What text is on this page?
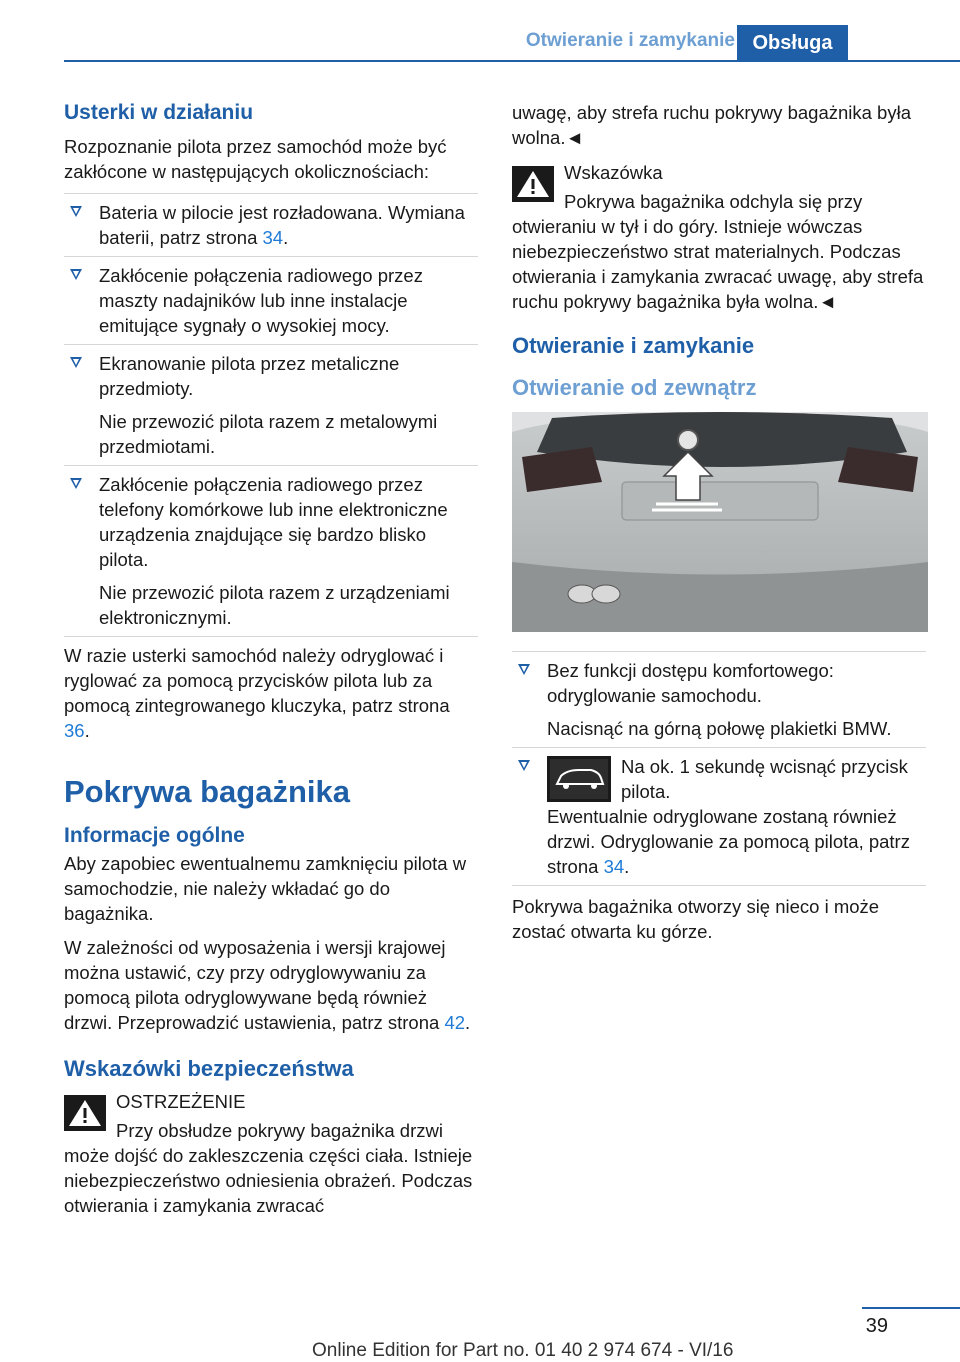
Otwieranie i zamykanie Obsługa
Usterki w działaniu

Rozpoznanie pilota przez samochód może być zakłócone w następujących okolicznościach:

Bateria w pilocie jest rozładowana. Wymiana baterii, patrz strona 34.

Zakłócenie połączenia radiowego przez maszty nadajników lub inne instalacje emitujące sygnały o wysokiej mocy.

Ekranowanie pilota przez metaliczne przedmioty.

Nie przewozić pilota razem z metalowymi przedmiotami.

Zakłócenie połączenia radiowego przez telefony komórkowe lub inne elektroniczne urządzenia znajdujące się bardzo blisko pilota.

Nie przewozić pilota razem z urządzeniami elektronicznymi.

W razie usterki samochód należy odryglować i ryglować za pomocą przycisków pilota lub za pomocą zintegrowanego kluczyka, patrz strona 36.

Pokrywa bagażnika
Informacje ogólne

Aby zapobiec ewentualnemu zamknięciu pilota w samochodzie, nie należy wkładać go do bagażnika.

W zależności od wyposażenia i wersji krajowej można ustawić, czy przy odryglowywaniu za pomocą pilota odryglowywane będą również drzwi. Przeprowadzić ustawienia, patrz strona 42.

Wskazówki bezpieczeństwa

OSTRZEŻENIE

Przy obsłudze pokrywy bagażnika drzwi może dojść do zakleszczenia części ciała. Istnieje niebezpieczeństwo odniesienia obrażeń. Podczas otwierania i zamykania zwracać

uwagę, aby strefa ruchu pokrywy bagażnika była wolna.◄

Wskazówka

Pokrywa bagażnika odchyla się przy otwieraniu w tył i do góry. Istnieje wówczas niebezpieczeństwo strat materialnych. Podczas otwierania i zamykania zwracać uwagę, aby strefa ruchu pokrywy bagażnika była wolna.◄

Otwieranie i zamykanie
Otwieranie od zewnątrz

Bez funkcji dostępu komfortowego: odryglowanie samochodu.

Nacisnąć na górną połowę plakietki BMW.

Na ok. 1 sekundę wcisnąć przycisk pilota.

Ewentualnie odryglowane zostaną również drzwi. Odryglowanie za pomocą pilota, patrz strona 34.

Pokrywa bagażnika otworzy się nieco i może zostać otwarta ku górze.

39
Online Edition for Part no. 01 40 2 974 674 - VI/16
